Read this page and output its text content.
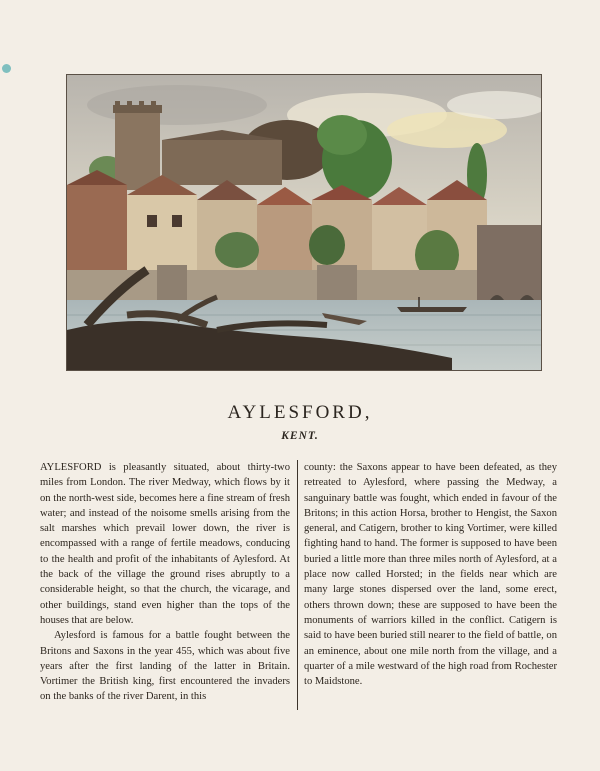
AYLESFORD,
KENT.

AYLESFORD is pleasantly situated, about thirty-two miles from London. The river Medway, which flows by it on the north-west side, becomes here a fine stream of fresh water; and instead of the noisome smells arising from the salt marshes which prevail lower down, the river is encompassed with a range of fertile meadows, conducing to the health and profit of the inhabitants of Aylesford. At the back of the village the ground rises abruptly to a considerable height, so that the church, the vicarage, and other buildings, stand even higher than the tops of the houses that are below.

Aylesford is famous for a battle fought between the Britons and Saxons in the year 455, which was about five years after the first landing of the latter in Britain. Vortimer the British king, first encountered the invaders on the banks of the river Darent, in this

county: the Saxons appear to have been defeated, as they retreated to Aylesford, where passing the Medway, a sanguinary battle was fought, which ended in favour of the Britons; in this action Horsa, brother to Hengist, the Saxon general, and Catigern, brother to king Vortimer, were killed fighting hand to hand. The former is supposed to have been buried a little more than three miles north of Aylesford, at a place now called Horsted; in the fields near which are many large stones dispersed over the land, some erect, others thrown down; these are supposed to have been the monuments of warriors killed in the conflict. Catigern is said to have been buried still nearer to the field of battle, on an eminence, about one mile north from the village, and a quarter of a mile westward of the high road from Rochester to Maidstone.
